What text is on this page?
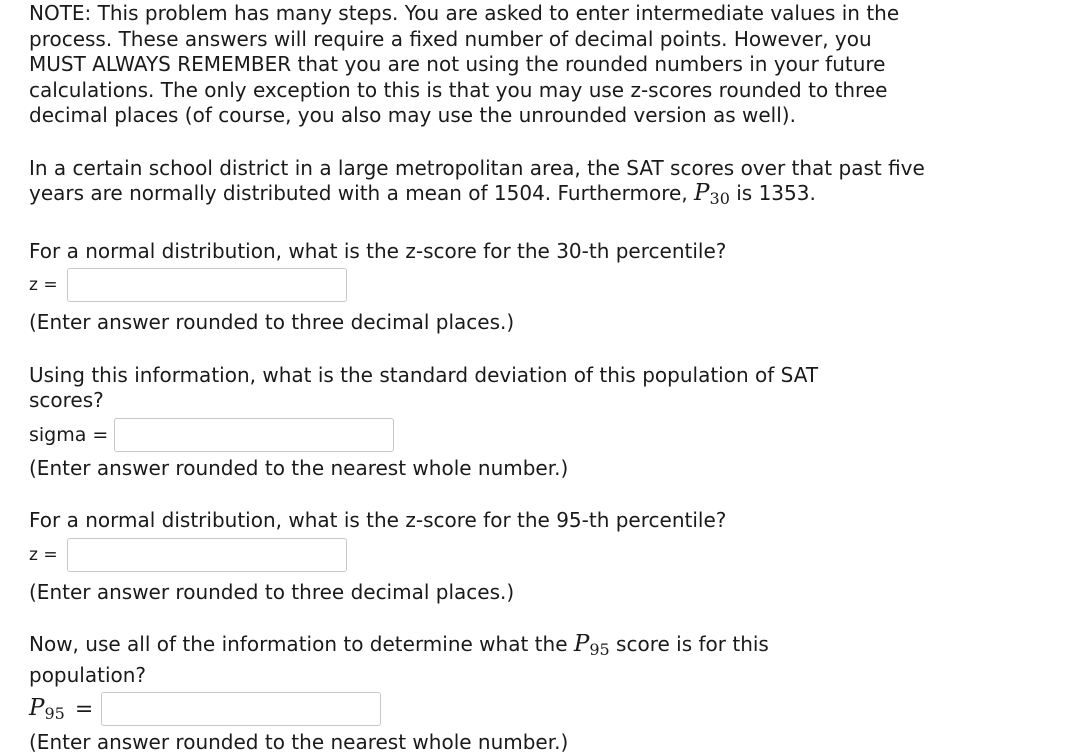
NOTE: This problem has many steps. You are asked to enter intermediate values in the process. These answers will require a fixed number of decimal points. However, you MUST ALWAYS REMEMBER that you are not using the rounded numbers in your future calculations. The only exception to this is that you may use z-scores rounded to three decimal places (of course, you also may use the unrounded version as well).

In a certain school district in a large metropolitan area, the SAT scores over that past five years are normally distributed with a mean of 1504. Furthermore, $P_{30}$ is 1353.

For a normal distribution, what is the z-score for the 30-th percentile?

z =

(Enter answer rounded to three decimal places.)

Using this information, what is the standard deviation of this population of SAT scores?

sigma =

(Enter answer rounded to the nearest whole number.)

For a normal distribution, what is the z-score for the 95-th percentile?

z =

(Enter answer rounded to three decimal places.)

Now, use all of the information to determine what the $P_{95}$ score is for this population?

$P_{95}$ =

(Enter answer rounded to the nearest whole number.)
